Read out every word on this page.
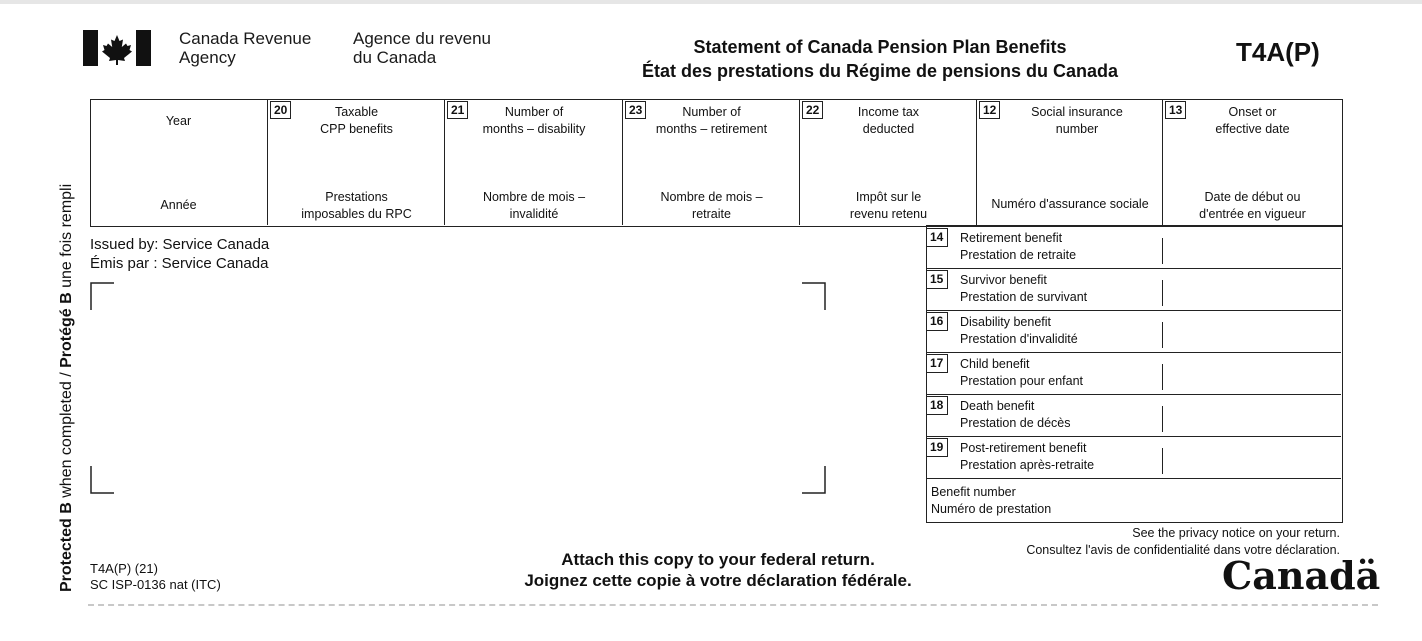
Canada Revenue
Agency
Agence du revenu
du Canada
Statement of Canada Pension Plan Benefits
État des prestations du Régime de pensions du Canada
T4A(P)
Protected B when completed / Protégé B une fois rempli
Year
Année
20	Taxable
CPP benefits
Prestations
imposables du RPC
21	Number of
months – disability
Nombre de mois –
invalidité
23	Number of
months – retirement
Nombre de mois –
retraite
22	Income tax
deducted
Impôt sur le
revenu retenu
12	Social insurance
number
Numéro d'assurance sociale
13	Onset or
effective date
Date de début ou
d'entrée en vigueur
Issued by: Service Canada
Émis par : Service Canada
14	Retirement benefit
Prestation de retraite
15	Survivor benefit
Prestation de survivant
16	Disability benefit
Prestation d'invalidité
17	Child benefit
Prestation pour enfant
18	Death benefit
Prestation de décès
19	Post-retirement benefit
Prestation après-retraite
Benefit number
Numéro de prestation
See the privacy notice on your return.
Consultez l'avis de confidentialité dans votre déclaration.
T4A(P) (21)
SC ISP-0136 nat (ITC)
Attach this copy to your federal return.
Joignez cette copie à votre déclaration fédérale.	Canadä
